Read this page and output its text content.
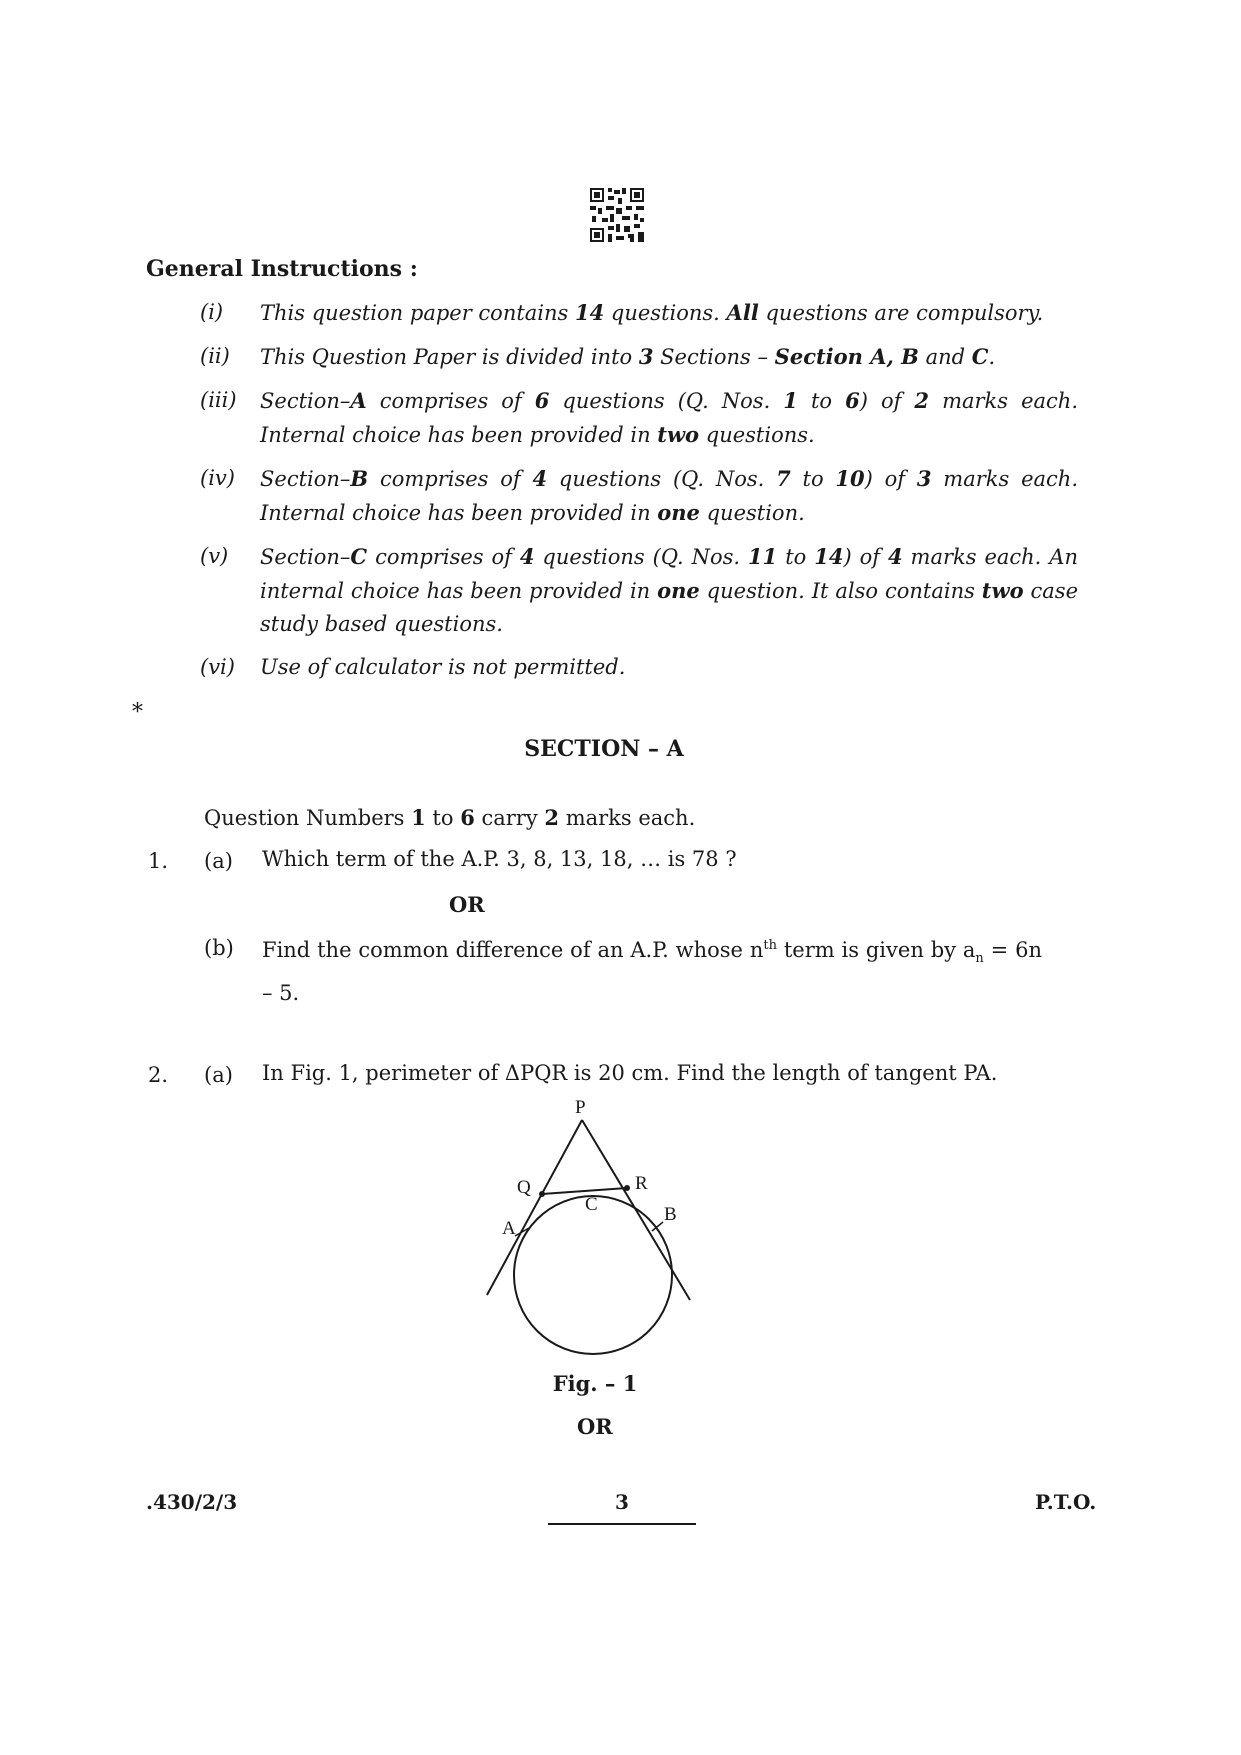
General Instructions :
(i)	This question paper contains 14 questions. All questions are compulsory.
(ii)	This Question Paper is divided into 3 Sections – Section A, B and C.
(iii)	Section–A comprises of 6 questions (Q. Nos. 1 to 6) of 2 marks each. Internal choice has been provided in two questions.
(iv)	Section–B comprises of 4 questions (Q. Nos. 7 to 10) of 3 marks each. Internal choice has been provided in one question.
(v)	Section–C comprises of 4 questions (Q. Nos. 11 to 14) of 4 marks each. An internal choice has been provided in one question. It also contains two case study based questions.
(vi)	Use of calculator is not permitted.
*
SECTION – A
Question Numbers 1 to 6 carry 2 marks each.
1. (a) Which term of the A.P. 3, 8, 13, 18, … is 78 ?
OR
(b) Find the common difference of an A.P. whose $n^{th}$ term is given by $a_n = 6n - 5$.
2. (a) In Fig. 1, perimeter of ΔPQR is 20 cm. Find the length of tangent PA.
P
Q	R
C
A
B
Fig. – 1
OR
.430/2/3	3	P.T.O.
